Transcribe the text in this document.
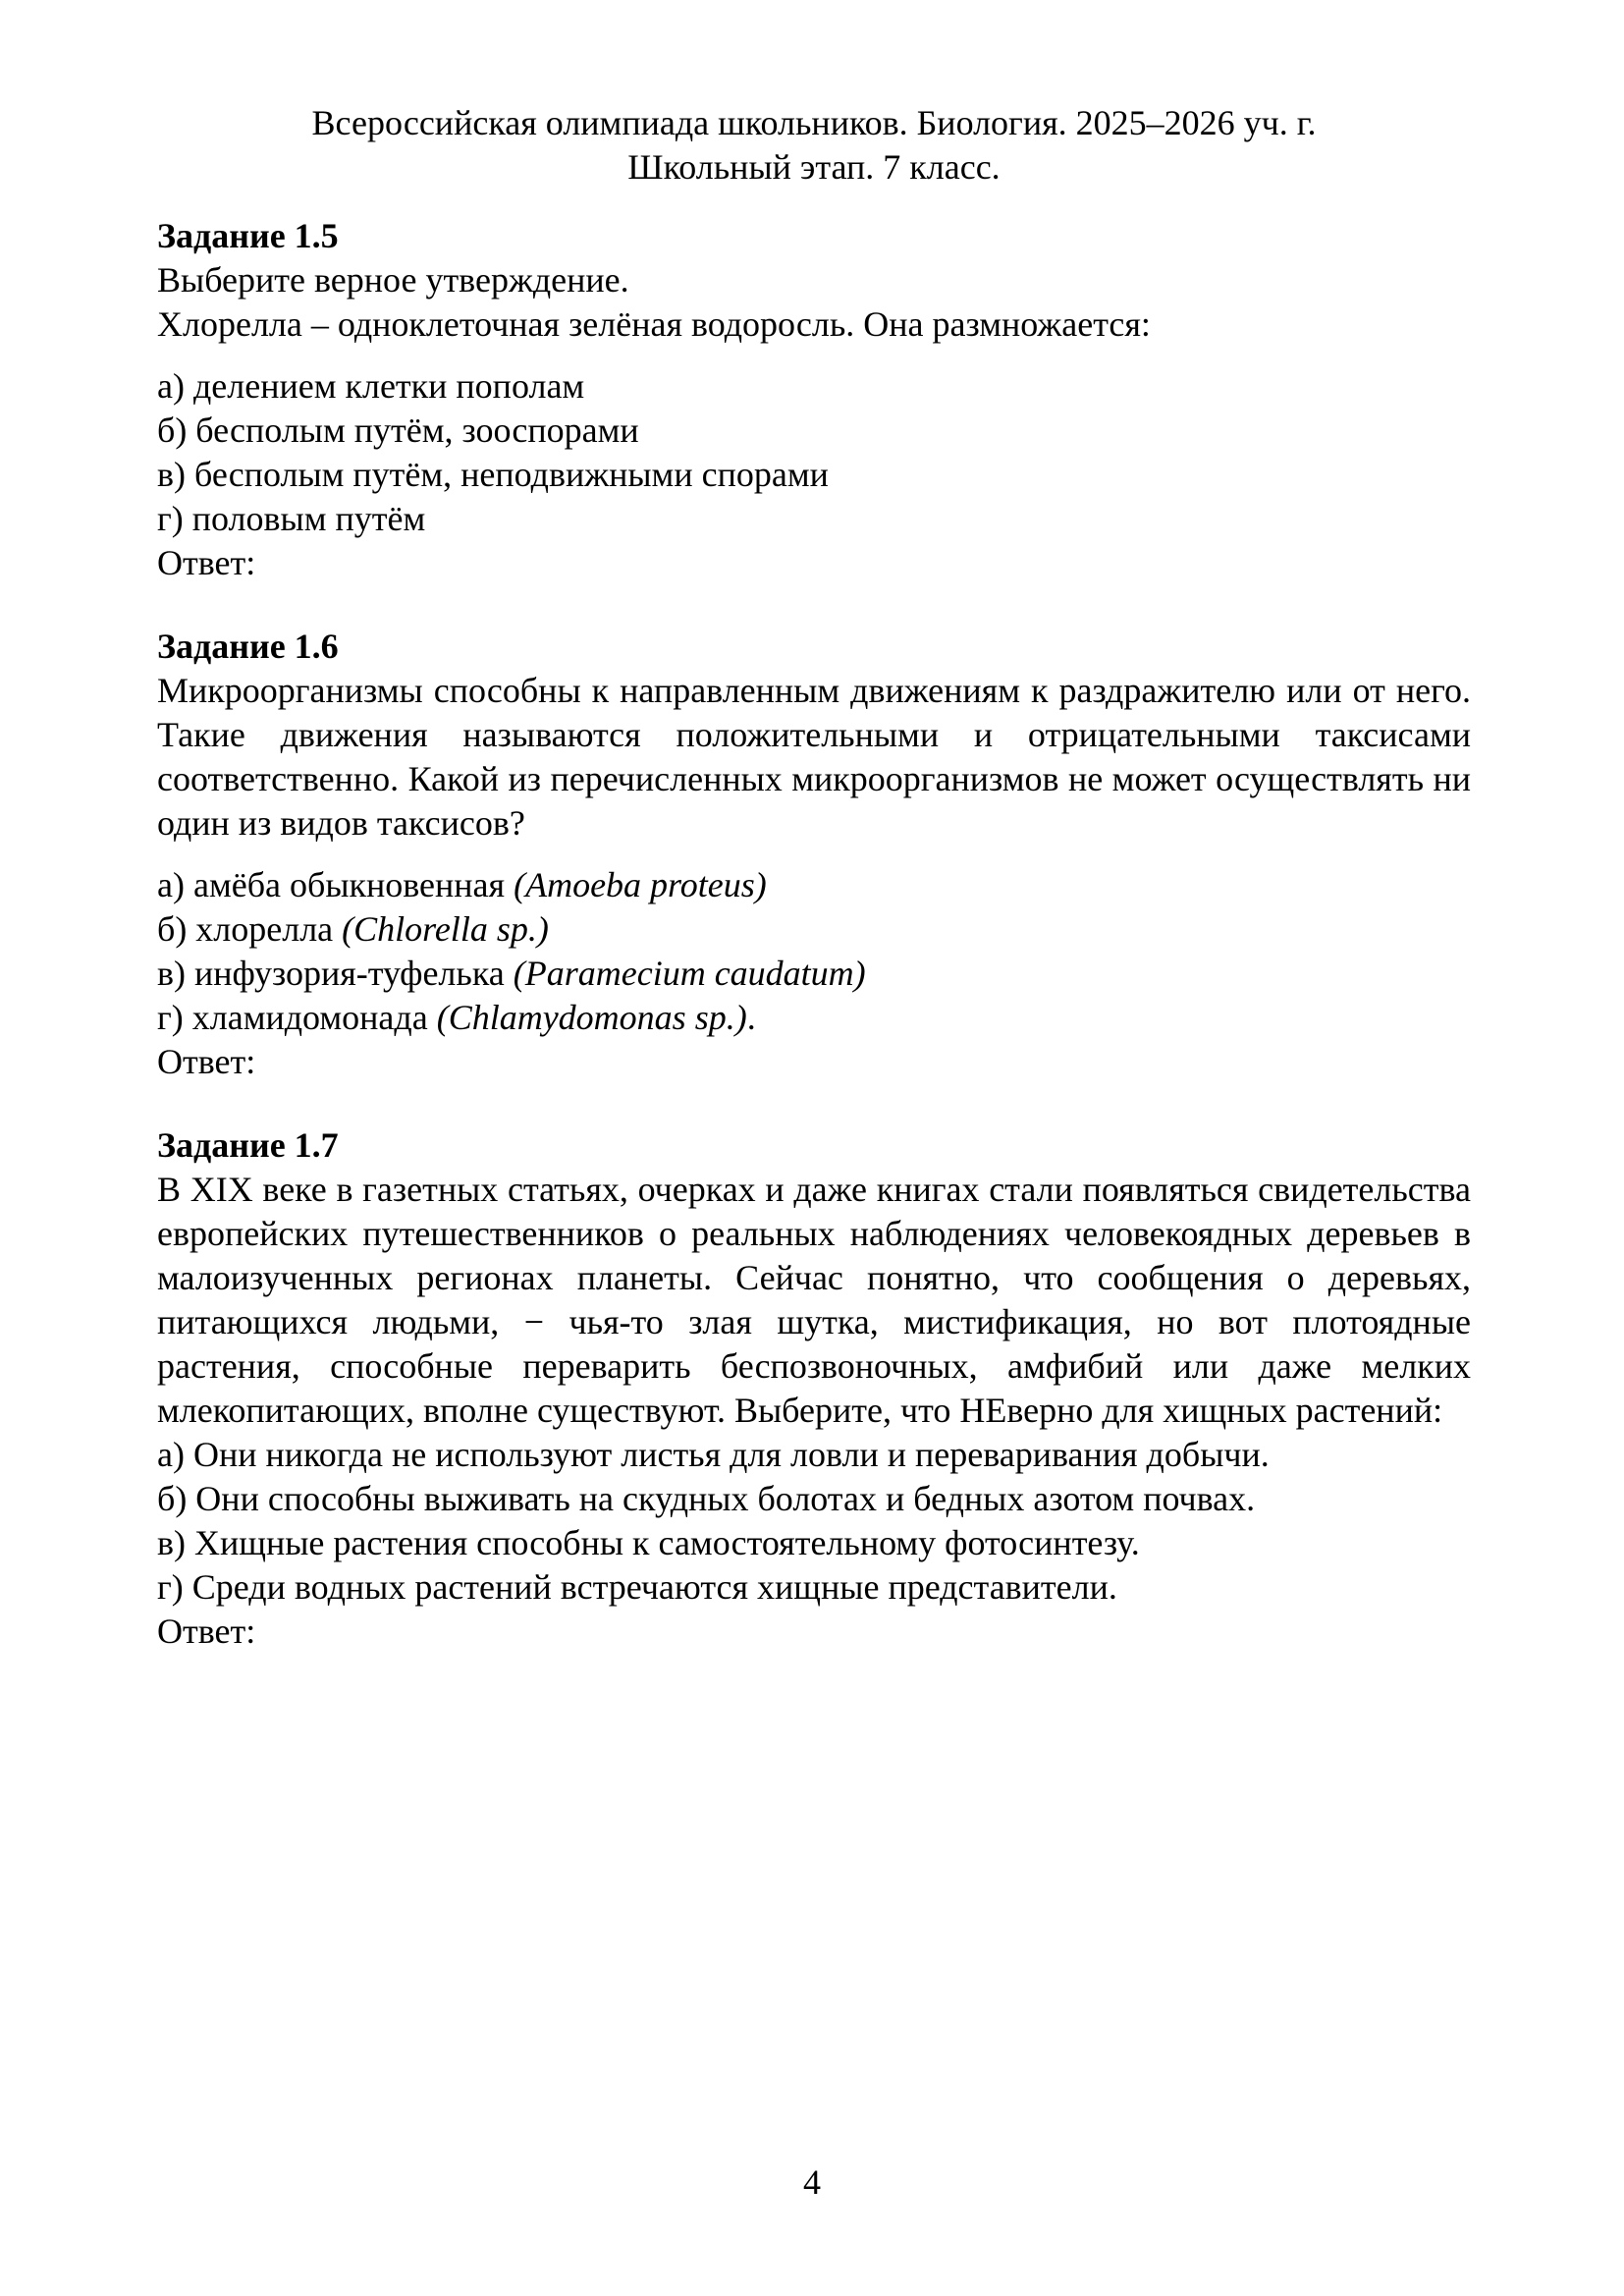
Всероссийская олимпиада школьников. Биология. 2025–2026 уч. г.
Школьный этап. 7 класс.
Задание 1.5
Выберите верное утверждение.
Хлорелла – одноклеточная зелёная водоросль. Она размножается:
а) делением клетки пополам
б) бесполым путём, зооспорами
в) бесполым путём, неподвижными спорами
г) половым путём
Ответ:
Задание 1.6

Микроорганизмы способны к направленным движениям к раздражителю или от него. Такие движения называются положительными и отрицательными таксисами соответственно. Какой из перечисленных микроорганизмов не может осуществлять ни один из видов таксисов?

а) амёба обыкновенная (Amoeba proteus)
б) хлорелла (Chlorella sp.)
в) инфузория-туфелька (Paramecium caudatum)
г) хламидомонада (Chlamydomonas sp.).
Ответ:
Задание 1.7

В XIX веке в газетных статьях, очерках и даже книгах стали появляться свидетельства европейских путешественников о реальных наблюдениях человекоядных деревьев в малоизученных регионах планеты. Сейчас понятно, что сообщения о деревьях, питающихся людьми, − чья-то злая шутка, мистификация, но вот плотоядные растения, способные переварить беспозвоночных, амфибий или даже мелких млекопитающих, вполне существуют. Выберите, что НЕверно для хищных растений:

а) Они никогда не используют листья для ловли и переваривания добычи.
б) Они способны выживать на скудных болотах и бедных азотом почвах.
в) Хищные растения способны к самостоятельному фотосинтезу.
г) Среди водных растений встречаются хищные представители.
Ответ:
4
